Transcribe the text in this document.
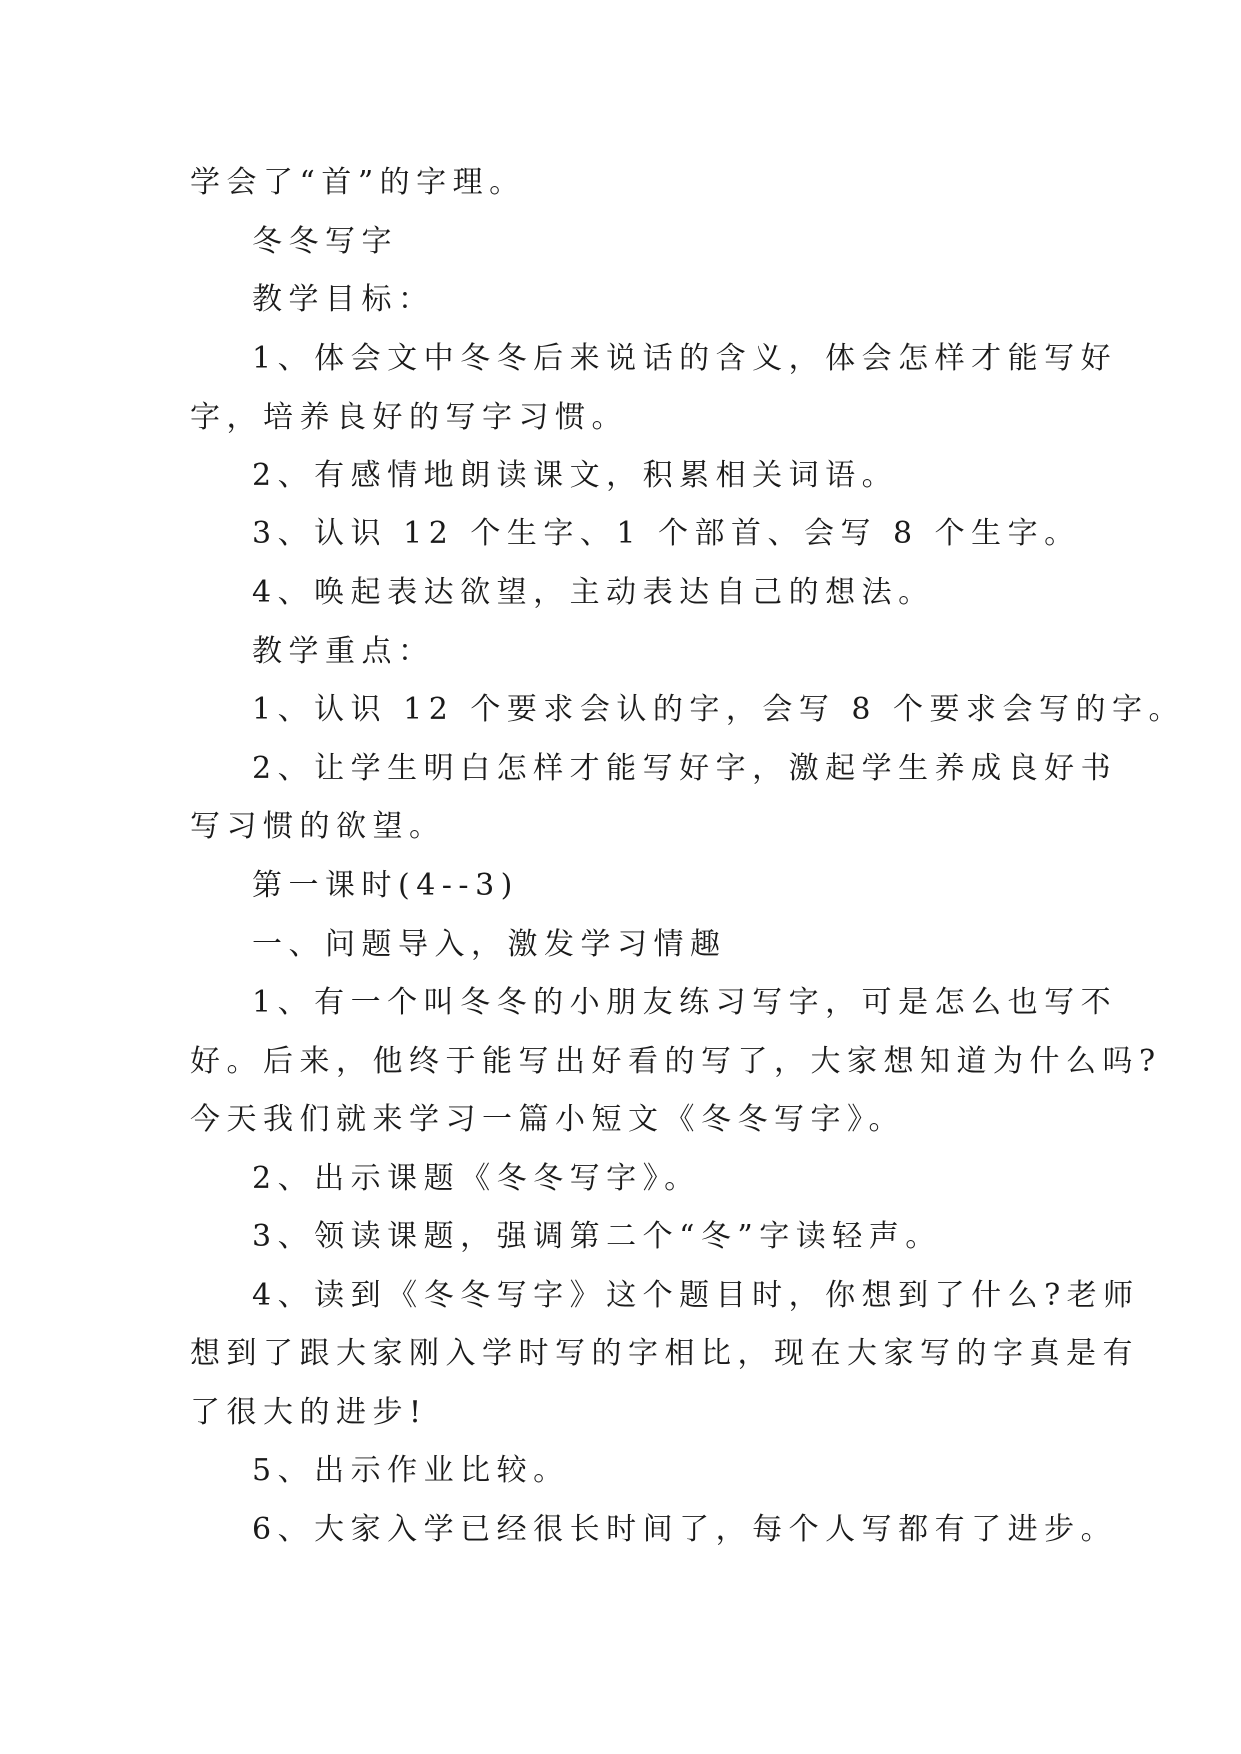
学会了“首”的字理。
冬冬写字
教学目标：
1、体会文中冬冬后来说话的含义，体会怎样才能写好
字，培养良好的写字习惯。
2、有感情地朗读课文，积累相关词语。
3、认识 12 个生字、1 个部首、会写 8 个生字。
4、唤起表达欲望，主动表达自己的想法。
教学重点：
1、认识 12 个要求会认的字，会写 8 个要求会写的字。
2、让学生明白怎样才能写好字，激起学生养成良好书
写习惯的欲望。
第一课时(4--3)
一、问题导入，激发学习情趣
1、有一个叫冬冬的小朋友练习写字，可是怎么也写不
好。后来，他终于能写出好看的写了，大家想知道为什么吗?
今天我们就来学习一篇小短文《冬冬写字》。
2、出示课题《冬冬写字》。
3、领读课题，强调第二个“冬”字读轻声。
4、读到《冬冬写字》这个题目时，你想到了什么?老师
想到了跟大家刚入学时写的字相比，现在大家写的字真是有
了很大的进步!
5、出示作业比较。
6、大家入学已经很长时间了，每个人写都有了进步。
